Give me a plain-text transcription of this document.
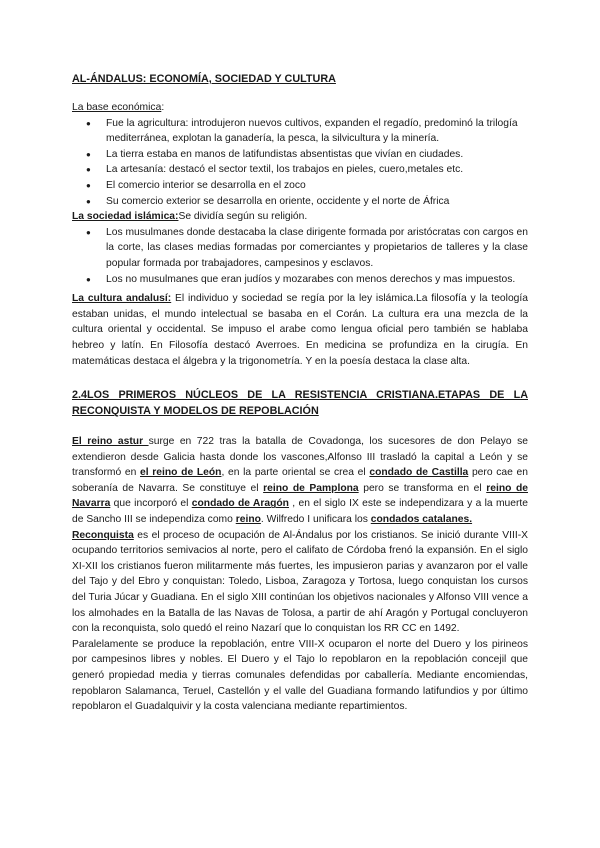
AL-ÁNDALUS: ECONOMÍA, SOCIEDAD Y CULTURA

La base económica:

● Fue la agricultura: introdujeron nuevos cultivos, expanden el regadío, predominó la trilogía mediterránea, explotan la ganadería, la pesca, la silvicultura y la minería.
● La tierra estaba en manos de latifundistas absentistas que vivían en ciudades.
● La artesanía: destacó el sector textil, los trabajos en pieles, cuero,metales etc.
● El comercio interior se desarrolla en el zoco
● Su comercio exterior se desarrolla en oriente, occidente y el norte de África

La sociedad islámica:Se dividía según su religión.

● Los musulmanes donde destacaba la clase dirigente formada por aristócratas con cargos en la corte, las clases medias formadas por comerciantes y propietarios de talleres y la clase popular formada por trabajadores, campesinos y esclavos.
● Los no musulmanes que eran judíos y mozarabes con menos derechos y mas impuestos.

La cultura andalusí: El individuo y sociedad se regía por la ley islámica.La filosofía y la teología estaban unidas, el mundo intelectual se basaba en el Corán. La cultura era una mezcla de la cultura oriental y occidental. Se impuso el arabe como lengua oficial pero también se hablaba hebreo y latín. En Filosofía destacó Averroes. En medicina se profundiza en la cirugía. En matemáticas destaca el álgebra y la trigonometría. Y en la poesía destaca la clase alta.

2.4LOS PRIMEROS NÚCLEOS DE LA RESISTENCIA CRISTIANA.ETAPAS DE LA RECONQUISTA Y MODELOS DE REPOBLACIÓN

El reino astur surge en 722 tras la batalla de Covadonga, los sucesores de don Pelayo se extendieron desde Galicia hasta donde los vascones,Alfonso III trasladó la capital a León y se transformó en el reino de León, en la parte oriental se crea el condado de Castilla pero cae en soberanía de Navarra. Se constituye el reino de Pamplona pero se transforma en el reino de Navarra que incorporó el condado de Aragón , en el siglo IX este se independizara y a la muerte de Sancho III se independiza como reino. Wilfredo I unificara los condados catalanes.

Reconquista es el proceso de ocupación de Al-Ándalus por los cristianos. Se inició durante VIII-X ocupando territorios semivacios al norte, pero el califato de Córdoba frenó la expansión. En el siglo XI-XII los cristianos fueron militarmente más fuertes, les impusieron parias y avanzaron por el valle del Tajo y del Ebro y conquistan: Toledo, Lisboa, Zaragoza y Tortosa, luego conquistan los cursos del Turia Júcar y Guadiana. En el siglo XIII continúan los objetivos nacionales y Alfonso VIII vence a los almohades en la Batalla de las Navas de Tolosa, a partir de ahí Aragón y Portugal concluyeron con la reconquista, solo quedó el reino Nazarí que lo conquistan los RR CC en 1492.

Paralelamente se produce la repoblación, entre VIII-X ocuparon el norte del Duero y los pirineos por campesinos libres y nobles. El Duero y el Tajo lo repoblaron en la repoblación concejil que generó propiedad media y tierras comunales defendidas por caballería. Mediante encomiendas, repoblaron Salamanca, Teruel, Castellón y el valle del Guadiana formando latifundios y por último repoblaron el Guadalquivir y la costa valenciana mediante repartimientos.
